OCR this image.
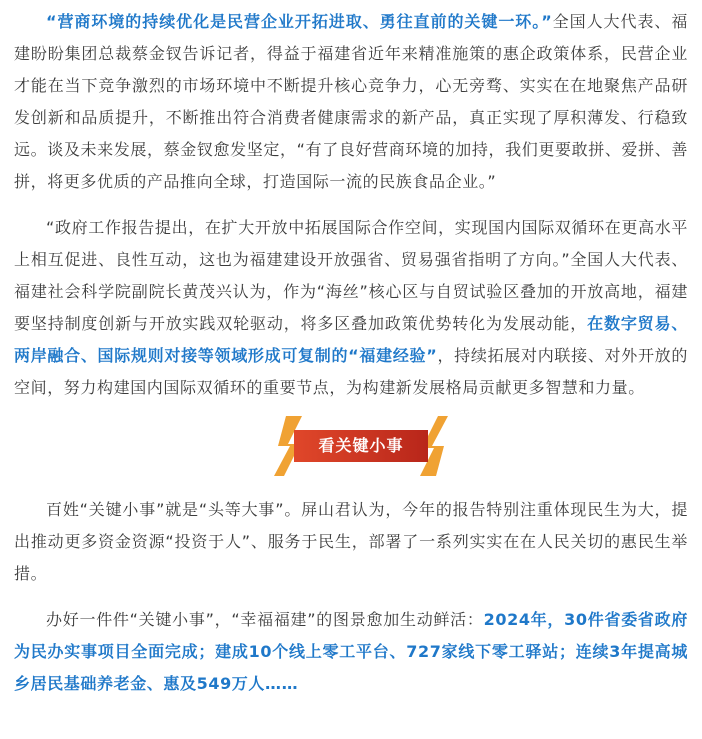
“营商环境的持续优化是民营企业开拓进取、勇往直前的关键一环。”全国人大代表、福建盼盼集团总裁蔡金钗告诉记者，得益于福建省近年来精准施策的惠企政策体系，民营企业才能在当下竞争激烈的市场环境中不断提升核心竞争力，心无旁骛、实实在在地聚焦产品研发创新和品质提升，不断推出符合消费者健康需求的新产品，真正实现了厚积薄发、行稳致远。谈及未来发展，蔡金钗愈发坚定，“有了良好营商环境的加持，我们更要敢拼、爱拼、善拼，将更多优质的产品推向全球，打造国际一流的民族食品企业。”

“政府工作报告提出，在扩大开放中拓展国际合作空间，实现国内国际双循环在更高水平上相互促进、良性互动，这也为福建建设开放强省、贸易强省指明了方向。”全国人大代表、福建社会科学院副院长黄茂兴认为，作为“海丝”核心区与自贸试验区叠加的开放高地，福建要坚持制度创新与开放实践双轮驱动，将多区叠加政策优势转化为发展动能，在数字贸易、两岸融合、国际规则对接等领域形成可复制的“福建经验”，持续拓展对内联接、对外开放的空间，努力构建国内国际双循环的重要节点，为构建新发展格局贡献更多智慧和力量。

看关键小事

百姓“关键小事”就是“头等大事”。屏山君认为，今年的报告特别注重体现民生为大，提出推动更多资金资源“投资于人”、服务于民生，部署了一系列实实在在人民关切的惠民生举措。

办好一件件“关键小事”，“幸福福建”的图景愈加生动鲜活：2024年，30件省委省政府为民办实事项目全面完成；建成10个线上零工平台、727家线下零工驿站；连续3年提高城乡居民基础养老金、惠及549万人……
